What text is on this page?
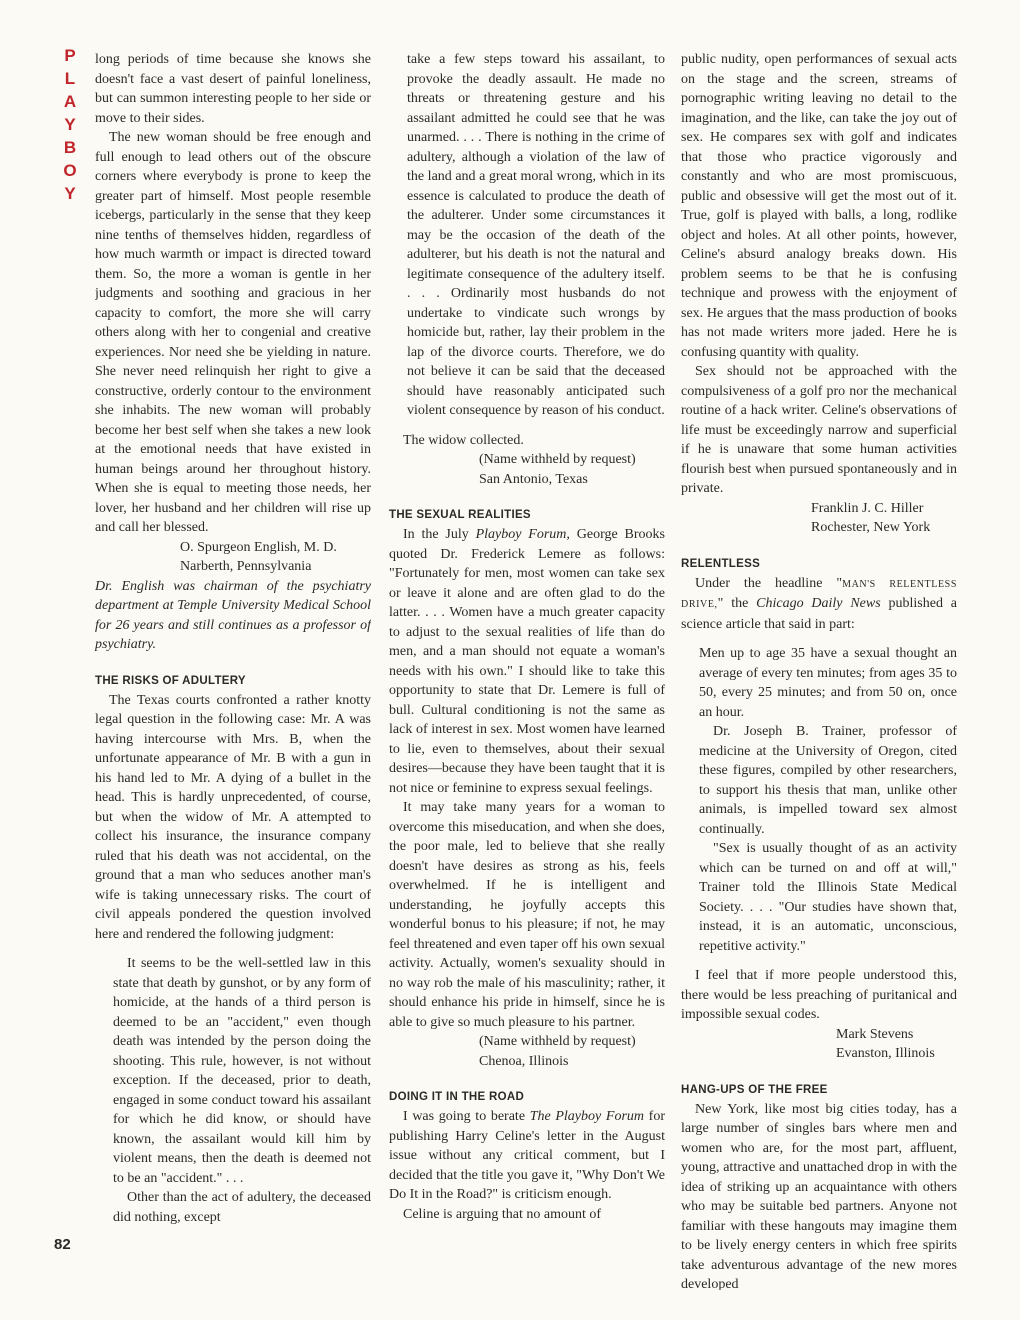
P
L
A
Y
B
O
Y
82

long periods of time because she knows she doesn't face a vast desert of painful loneliness, but can summon interesting people to her side or move to their sides.

The new woman should be free enough and full enough to lead others out of the obscure corners where everybody is prone to keep the greater part of himself. Most people resemble icebergs, particularly in the sense that they keep nine tenths of themselves hidden, regardless of how much warmth or impact is directed toward them. So, the more a woman is gentle in her judgments and soothing and gracious in her capacity to comfort, the more she will carry others along with her to congenial and creative experiences. Nor need she be yielding in nature. She never need relinquish her right to give a constructive, orderly contour to the environment she inhabits. The new woman will probably become her best self when she takes a new look at the emotional needs that have existed in human beings around her throughout history. When she is equal to meeting those needs, her lover, her husband and her children will rise up and call her blessed.

O. Spurgeon English, M. D.

Narberth, Pennsylvania

Dr. English was chairman of the psychiatry department at Temple University Medical School for 26 years and still continues as a professor of psychiatry.

THE RISKS OF ADULTERY

The Texas courts confronted a rather knotty legal question in the following case: Mr. A was having intercourse with Mrs. B, when the unfortunate appearance of Mr. B with a gun in his hand led to Mr. A dying of a bullet in the head. This is hardly unprecedented, of course, but when the widow of Mr. A attempted to collect his insurance, the insurance company ruled that his death was not accidental, on the ground that a man who seduces another man's wife is taking unnecessary risks. The court of civil appeals pondered the question involved here and rendered the following judgment:

It seems to be the well-settled law in this state that death by gunshot, or by any form of homicide, at the hands of a third person is deemed to be an "accident," even though death was intended by the person doing the shooting. This rule, however, is not without exception. If the deceased, prior to death, engaged in some conduct toward his assailant for which he did know, or should have known, the assailant would kill him by violent means, then the death is deemed not to be an "accident." . . .

Other than the act of adultery, the deceased did nothing, except

take a few steps toward his assailant, to provoke the deadly assault. He made no threats or threatening gesture and his assailant admitted he could see that he was unarmed. . . . There is nothing in the crime of adultery, although a violation of the law of the land and a great moral wrong, which in its essence is calculated to produce the death of the adulterer. Under some circumstances it may be the occasion of the death of the adulterer, but his death is not the natural and legitimate consequence of the adultery itself. . . . Ordinarily most husbands do not undertake to vindicate such wrongs by homicide but, rather, lay their problem in the lap of the divorce courts. Therefore, we do not believe it can be said that the deceased should have reasonably anticipated such violent consequence by reason of his conduct.

The widow collected.

(Name withheld by request)

San Antonio, Texas

THE SEXUAL REALITIES

In the July Playboy Forum, George Brooks quoted Dr. Frederick Lemere as follows: "Fortunately for men, most women can take sex or leave it alone and are often glad to do the latter. . . . Women have a much greater capacity to adjust to the sexual realities of life than do men, and a man should not equate a woman's needs with his own." I should like to take this opportunity to state that Dr. Lemere is full of bull. Cultural conditioning is not the same as lack of interest in sex. Most women have learned to lie, even to themselves, about their sexual desires—because they have been taught that it is not nice or feminine to express sexual feelings.

It may take many years for a woman to overcome this miseducation, and when she does, the poor male, led to believe that she really doesn't have desires as strong as his, feels overwhelmed. If he is intelligent and understanding, he joyfully accepts this wonderful bonus to his pleasure; if not, he may feel threatened and even taper off his own sexual activity. Actually, women's sexuality should in no way rob the male of his masculinity; rather, it should enhance his pride in himself, since he is able to give so much pleasure to his partner.

(Name withheld by request)

Chenoa, Illinois

DOING IT IN THE ROAD

I was going to berate The Playboy Forum for publishing Harry Celine's letter in the August issue without any critical comment, but I decided that the title you gave it, "Why Don't We Do It in the Road?" is criticism enough.

Celine is arguing that no amount of

public nudity, open performances of sexual acts on the stage and the screen, streams of pornographic writing leaving no detail to the imagination, and the like, can take the joy out of sex. He compares sex with golf and indicates that those who practice vigorously and constantly and who are most promiscuous, public and obsessive will get the most out of it. True, golf is played with balls, a long, rodlike object and holes. At all other points, however, Celine's absurd analogy breaks down. His problem seems to be that he is confusing technique and prowess with the enjoyment of sex. He argues that the mass production of books has not made writers more jaded. Here he is confusing quantity with quality.

Sex should not be approached with the compulsiveness of a golf pro nor the mechanical routine of a hack writer. Celine's observations of life must be exceedingly narrow and superficial if he is unaware that some human activities flourish best when pursued spontaneously and in private.

Franklin J. C. Hiller

Rochester, New York

RELENTLESS

Under the headline "MAN'S RELENTLESS DRIVE," the Chicago Daily News published a science article that said in part:

Men up to age 35 have a sexual thought an average of every ten minutes; from ages 35 to 50, every 25 minutes; and from 50 on, once an hour.

Dr. Joseph B. Trainer, professor of medicine at the University of Oregon, cited these figures, compiled by other researchers, to support his thesis that man, unlike other animals, is impelled toward sex almost continually.

"Sex is usually thought of as an activity which can be turned on and off at will," Trainer told the Illinois State Medical Society. . . . "Our studies have shown that, instead, it is an automatic, unconscious, repetitive activity."

I feel that if more people understood this, there would be less preaching of puritanical and impossible sexual codes.

Mark Stevens

Evanston, Illinois

HANG-UPS OF THE FREE

New York, like most big cities today, has a large number of singles bars where men and women who are, for the most part, affluent, young, attractive and unattached drop in with the idea of striking up an acquaintance with others who may be suitable bed partners. Anyone not familiar with these hangouts may imagine them to be lively energy centers in which free spirits take adventurous advantage of the new mores developed
